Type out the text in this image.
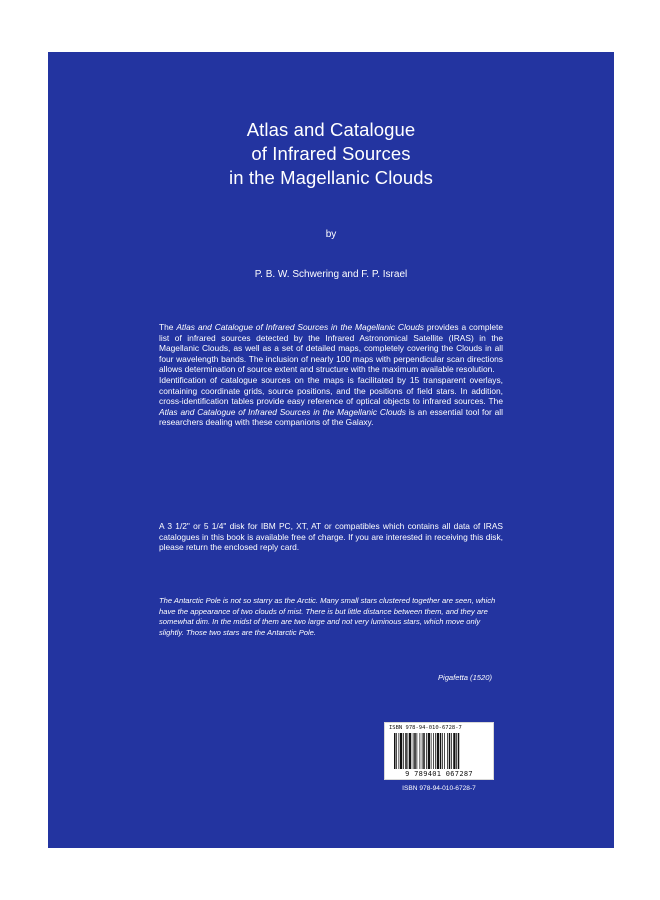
Atlas and Catalogue
of Infrared Sources
in the Magellanic Clouds
by
P. B. W. Schwering and F. P. Israel
The Atlas and Catalogue of Infrared Sources in the Magellanic Clouds provides a complete list of infrared sources detected by the Infrared Astronomical Satellite (IRAS) in the Magellanic Clouds, as well as a set of detailed maps, completely covering the Clouds in all four wavelength bands. The inclusion of nearly 100 maps with perpendicular scan directions allows determination of source extent and structure with the maximum available resolution.
Identification of catalogue sources on the maps is facilitated by 15 transparent overlays, containing coordinate grids, source positions, and the positions of field stars. In addition, cross-identification tables provide easy reference of optical objects to infrared sources. The Atlas and Catalogue of Infrared Sources in the Magellanic Clouds is an essential tool for all researchers dealing with these companions of the Galaxy.
A 3 1/2" or 5 1/4" disk for IBM PC, XT, AT or compatibles which contains all data of IRAS catalogues in this book is available free of charge. If you are interested in receiving this disk, please return the enclosed reply card.
The Antarctic Pole is not so starry as the Arctic. Many small stars clustered together are seen, which have the appearance of two clouds of mist. There is but little distance between them, and they are somewhat dim. In the midst of them are two large and not very luminous stars, which move only slightly. Those two stars are the Antarctic Pole.
Pigafetta (1520)
ISBN 978-94-010-6728-7
9 789401 067287
ISBN 978-94-010-6728-7
